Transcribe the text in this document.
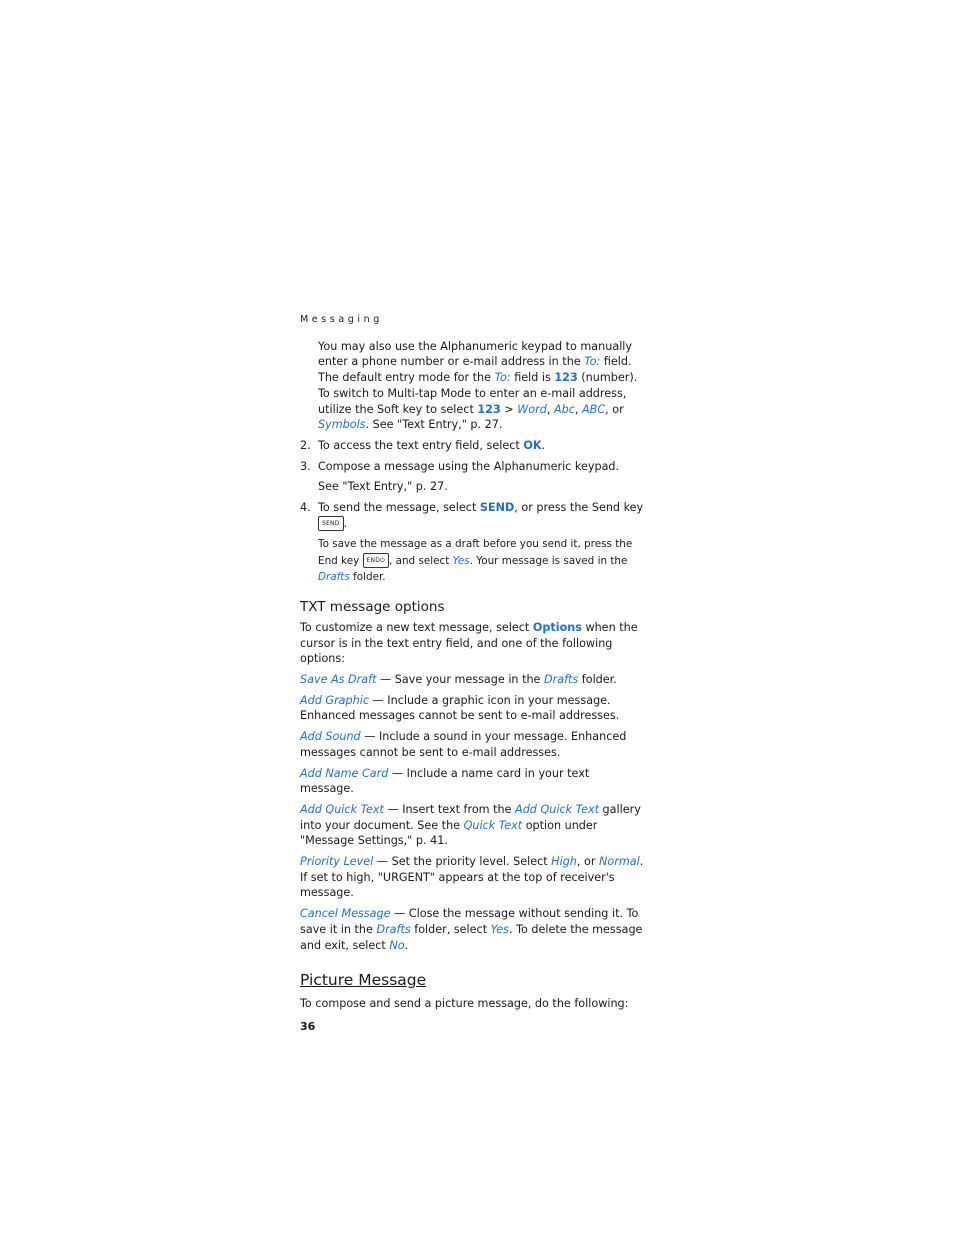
Messaging

You may also use the Alphanumeric keypad to manually enter a phone number or e-mail address in the To: field. The default entry mode for the To: field is 123 (number). To switch to Multi-tap Mode to enter an e-mail address, utilize the Soft key to select 123 > Word, Abc, ABC, or Symbols. See "Text Entry," p. 27.

2. To access the text entry field, select OK.
3. Compose a message using the Alphanumeric keypad.

See "Text Entry," p. 27.

4. To send the message, select SEND, or press the Send key SEND .

To save the message as a draft before you send it, press the End key END⏻ , and select Yes. Your message is saved in the Drafts folder.

TXT message options

To customize a new text message, select Options when the cursor is in the text entry field, and one of the following options:

Save As Draft — Save your message in the Drafts folder.

Add Graphic — Include a graphic icon in your message. Enhanced messages cannot be sent to e-mail addresses.

Add Sound — Include a sound in your message. Enhanced messages cannot be sent to e-mail addresses.

Add Name Card — Include a name card in your text message.

Add Quick Text — Insert text from the Add Quick Text gallery into your document. See the Quick Text option under "Message Settings," p. 41.

Priority Level — Set the priority level. Select High, or Normal. If set to high, "URGENT" appears at the top of receiver's message.

Cancel Message — Close the message without sending it. To save it in the Drafts folder, select Yes. To delete the message and exit, select No.

Picture Message

To compose and send a picture message, do the following:

36
